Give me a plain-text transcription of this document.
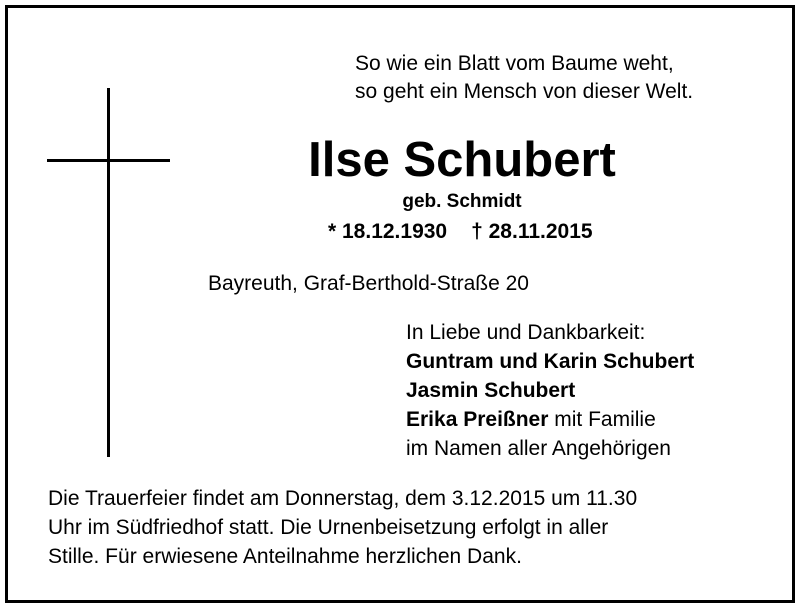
So wie ein Blatt vom Baume weht,
so geht ein Mensch von dieser Welt.
Ilse Schubert
geb. Schmidt
* 18.12.1930 † 28.11.2015
Bayreuth, Graf-Berthold-Straße 20
In Liebe und Dankbarkeit:
Guntram und Karin Schubert
Jasmin Schubert
Erika Preißner mit Familie
im Namen aller Angehörigen
Die Trauerfeier findet am Donnerstag, dem 3.12.2015 um 11.30
Uhr im Südfriedhof statt. Die Urnenbeisetzung erfolgt in aller
Stille. Für erwiesene Anteilnahme herzlichen Dank.
